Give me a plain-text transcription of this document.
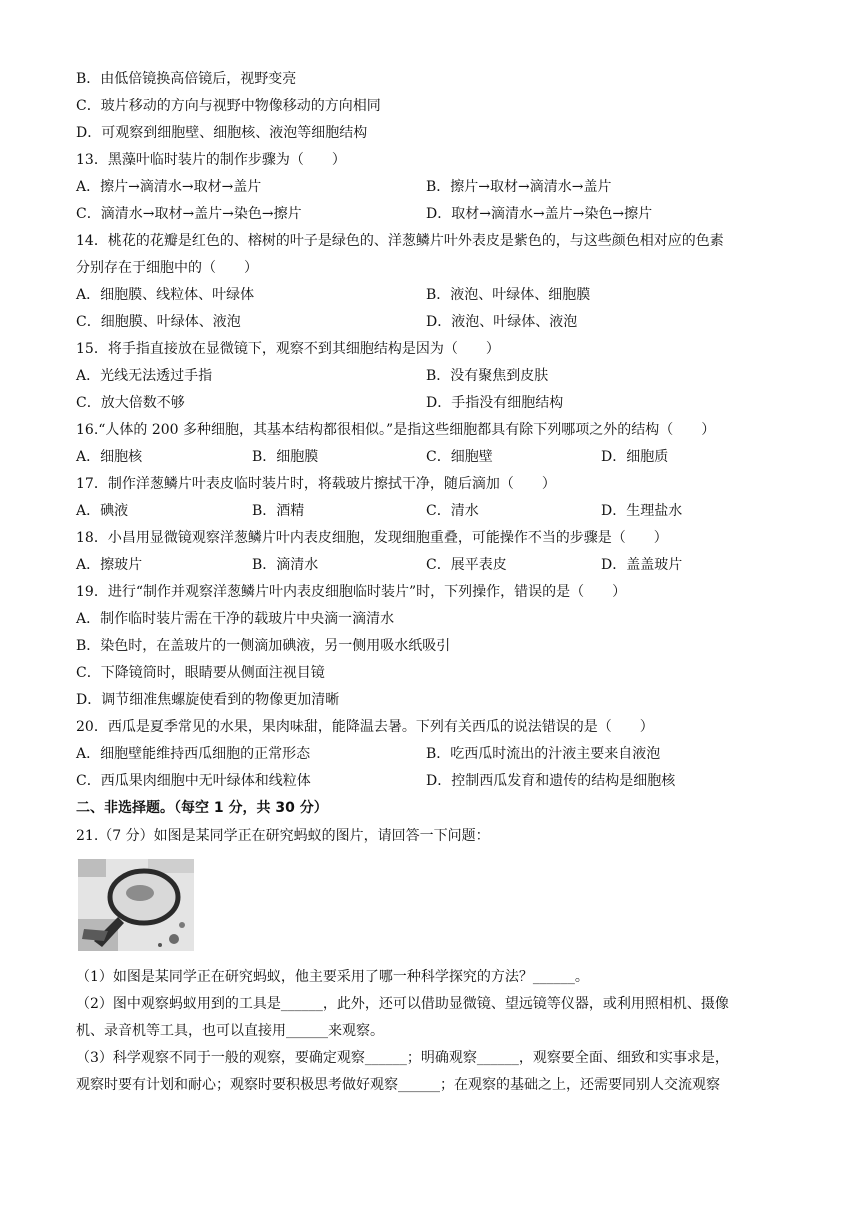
B．由低倍镜换高倍镜后，视野变亮
C．玻片移动的方向与视野中物像移动的方向相同
D．可观察到细胞壁、细胞核、液泡等细胞结构
13．黑藻叶临时装片的制作步骤为（　　）
A．擦片→滴清水→取材→盖片	B．擦片→取材→滴清水→盖片
C．滴清水→取材→盖片→染色→擦片	D．取材→滴清水→盖片→染色→擦片
14．桃花的花瓣是红色的、榕树的叶子是绿色的、洋葱鳞片叶外表皮是紫色的，与这些颜色相对应的色素
分别存在于细胞中的（　　）
A．细胞膜、线粒体、叶绿体	B．液泡、叶绿体、细胞膜
C．细胞膜、叶绿体、液泡	D．液泡、叶绿体、液泡
15．将手指直接放在显微镜下，观察不到其细胞结构是因为（　　）
A．光线无法透过手指	B．没有聚焦到皮肤
C．放大倍数不够	D．手指没有细胞结构
16.“人体的 200 多种细胞，其基本结构都很相似。”是指这些细胞都具有除下列哪项之外的结构（　　）
A．细胞核	B．细胞膜	C．细胞壁	D．细胞质
17．制作洋葱鳞片叶表皮临时装片时，将载玻片擦拭干净，随后滴加（　　）
A．碘液	B．酒精	C．清水	D．生理盐水
18．小昌用显微镜观察洋葱鳞片叶内表皮细胞，发现细胞重叠，可能操作不当的步骤是（　　）
A．擦玻片	B．滴清水	C．展平表皮	D．盖盖玻片
19．进行“制作并观察洋葱鳞片叶内表皮细胞临时装片”时，下列操作，错误的是（　　）
A．制作临时装片需在干净的载玻片中央滴一滴清水
B．染色时，在盖玻片的一侧滴加碘液，另一侧用吸水纸吸引
C．下降镜筒时，眼睛要从侧面注视目镜
D．调节细准焦螺旋使看到的物像更加清晰
20．西瓜是夏季常见的水果，果肉味甜，能降温去暑。下列有关西瓜的说法错误的是（　　）
A．细胞壁能维持西瓜细胞的正常形态	B．吃西瓜时流出的汁液主要来自液泡
C．西瓜果肉细胞中无叶绿体和线粒体	D．控制西瓜发育和遗传的结构是细胞核
二、非选择题。（每空 1 分，共 30 分）
21.（7 分）如图是某同学正在研究蚂蚁的图片，请回答一下问题：
（1）如图是某同学正在研究蚂蚁，他主要采用了哪一种科学探究的方法？______。
（2）图中观察蚂蚁用到的工具是______，此外，还可以借助显微镜、望远镜等仪器，或利用照相机、摄像
机、录音机等工具，也可以直接用______来观察。
（3）科学观察不同于一般的观察，要确定观察______；明确观察______，观察要全面、细致和实事求是，
观察时要有计划和耐心；观察时要积极思考做好观察______；在观察的基础之上，还需要同别人交流观察
